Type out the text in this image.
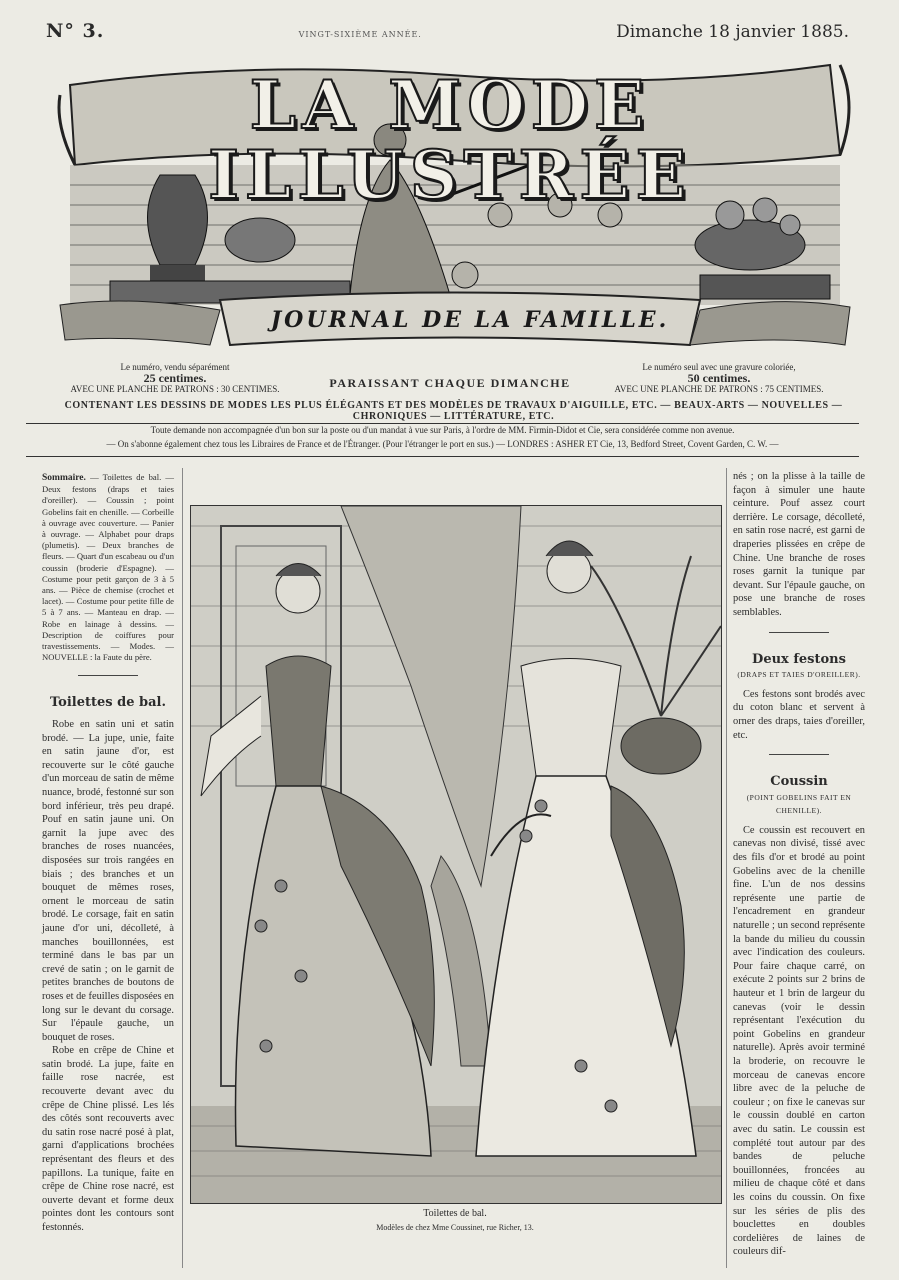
N° 3.	VINGT-SIXIÈME ANNÉE.	Dimanche 18 janvier 1885.
LA MODE ILLUSTRÉE
JOURNAL DE LA FAMILLE.
Le numéro, vendu séparément
25 centimes.
AVEC UNE PLANCHE DE PATRONS : 30 CENTIMES.	PARAISSANT CHAQUE DIMANCHE
Le numéro seul avec une gravure coloriée,
50 centimes.
AVEC UNE PLANCHE DE PATRONS : 75 CENTIMES.
CONTENANT LES DESSINS DE MODES LES PLUS ÉLÉGANTS ET DES MODÈLES DE TRAVAUX D'AIGUILLE, ETC. — BEAUX-ARTS — NOUVELLES — CHRONIQUES — LITTÉRATURE, ETC.
Toute demande non accompagnée d'un bon sur la poste ou d'un mandat à vue sur Paris, à l'ordre de MM. Firmin-Didot et Cie, sera considérée comme non avenue.
— On s'abonne également chez tous les Libraires de France et de l'Étranger. (Pour l'étranger le port en sus.) — LONDRES : ASHER ET Cie, 13, Bedford Street, Covent Garden, C. W. —

Sommaire. — Toilettes de bal. — Deux festons (draps et taies d'oreiller). — Coussin ; point Gobelins fait en chenille. — Corbeille à ouvrage avec couverture. — Panier à ouvrage. — Alphabet pour draps (plumetis). — Deux branches de fleurs. — Quart d'un escabeau ou d'un coussin (broderie d'Espagne). — Costume pour petit garçon de 3 à 5 ans. — Pièce de chemise (crochet et lacet). — Costume pour petite fille de 5 à 7 ans. — Manteau en drap. — Robe en lainage à dessins. — Description de coiffures pour travestissements. — Modes. — NOUVELLE : la Faute du père.

Toilettes de bal.

Robe en satin uni et satin brodé. — La jupe, unie, faite en satin jaune d'or, est recouverte sur le côté gauche d'un morceau de satin de même nuance, brodé, festonné sur son bord inférieur, très peu drapé. Pouf en satin jaune uni. On garnit la jupe avec des branches de roses nuancées, disposées sur trois rangées en biais ; des branches et un bouquet de mêmes roses, ornent le morceau de satin brodé. Le corsage, fait en satin jaune d'or uni, décolleté, à manches bouillonnées, est terminé dans le bas par un crevé de satin ; on le garnit de petites branches de boutons de roses et de feuilles disposées en long sur le devant du corsage. Sur l'épaule gauche, un bouquet de roses.

Robe en crêpe de Chine et satin brodé. La jupe, faite en faille rose nacrée, est recouverte devant avec du crêpe de Chine plissé. Les lés des côtés sont recouverts avec du satin rose nacré posé à plat, garni d'applications brochées représentant des fleurs et des papillons. La tunique, faite en crêpe de Chine rose nacré, est ouverte devant et forme deux pointes dont les contours sont festonnés.

Toilettes de bal.
Modèles de chez Mme Coussinet, rue Richer, 13.

nés ; on la plisse à la taille de façon à simuler une haute ceinture. Pouf assez court derrière. Le corsage, décolleté, en satin rose nacré, est garni de draperies plissées en crêpe de Chine. Une branche de roses roses garnit la tunique par devant. Sur l'épaule gauche, on pose une branche de roses semblables.

Deux festons
(DRAPS ET TAIES D'OREILLER).

Ces festons sont brodés avec du coton blanc et servent à orner des draps, taies d'oreiller, etc.

Coussin
(POINT GOBELINS FAIT EN CHENILLE).

Ce coussin est recouvert en canevas non divisé, tissé avec des fils d'or et brodé au point Gobelins avec de la chenille fine. L'un de nos dessins représente une partie de l'encadrement en grandeur naturelle ; un second représente la bande du milieu du coussin avec l'indication des couleurs. Pour faire chaque carré, on exécute 2 points sur 2 brins de hauteur et 1 brin de largeur du canevas (voir le dessin représentant l'exécution du point Gobelins en grandeur naturelle). Après avoir terminé la broderie, on recouvre le morceau de canevas encore libre avec de la peluche de couleur ; on fixe le canevas sur le coussin doublé en carton avec du satin. Le coussin est complété tout autour par des bandes de peluche bouillonnées, froncées au milieu de chaque côté et dans les coins du coussin. On fixe sur les séries de plis des bouclettes en doubles cordelières de laines de couleurs dif-
